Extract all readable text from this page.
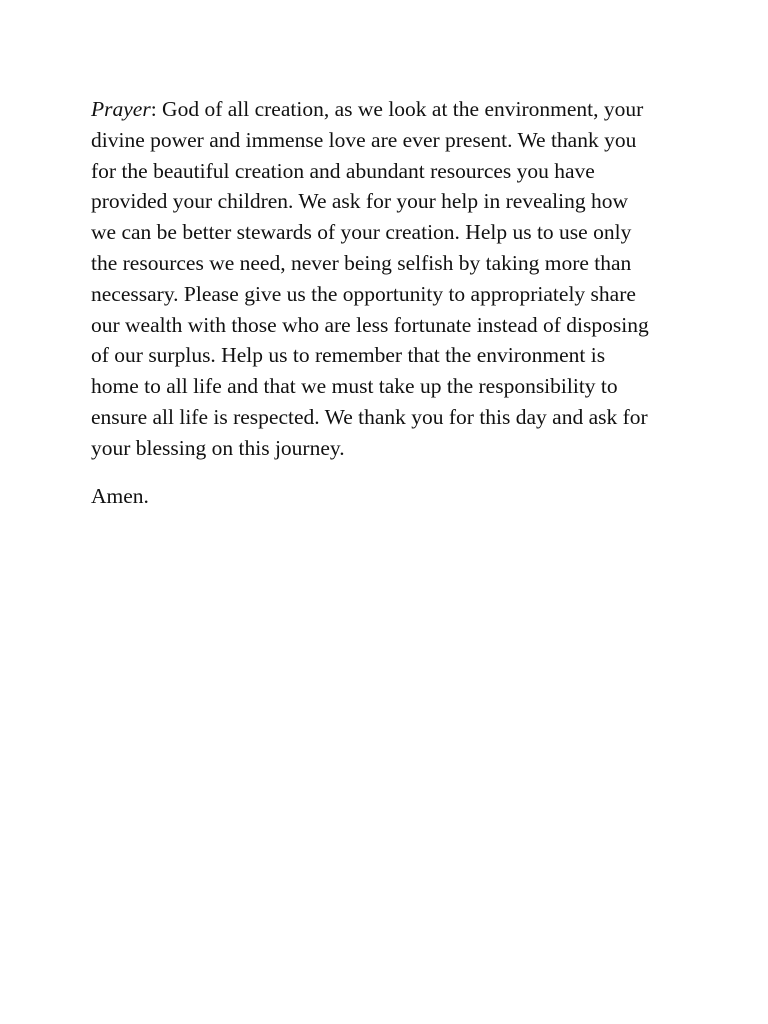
Prayer: God of all creation, as we look at the environment, your
divine power and immense love are ever present. We thank you
for the beautiful creation and abundant resources you have
provided your children. We ask for your help in revealing how
we can be better stewards of your creation. Help us to use only
the resources we need, never being selfish by taking more than
necessary. Please give us the opportunity to appropriately share
our wealth with those who are less fortunate instead of disposing
of our surplus. Help us to remember that the environment is
home to all life and that we must take up the responsibility to
ensure all life is respected. We thank you for this day and ask for
your blessing on this journey.
Amen.
